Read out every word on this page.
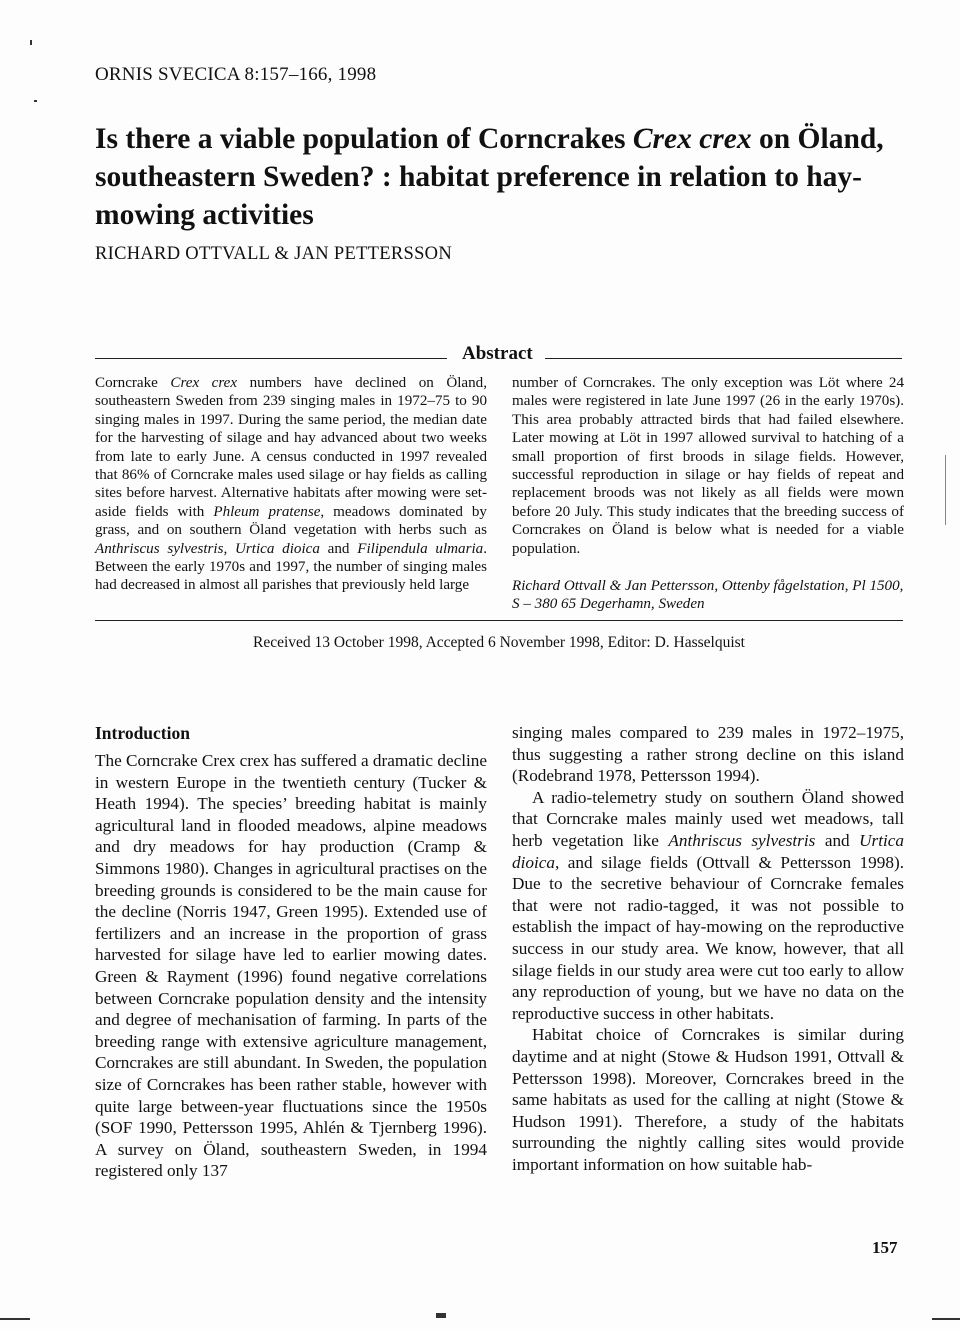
ORNIS SVECICA 8:157–166, 1998
Is there a viable population of Corncrakes Crex crex on Öland, southeastern Sweden? : habitat preference in relation to hay-mowing activities
RICHARD OTTVALL & JAN PETTERSSON
Abstract

Corncrake Crex crex numbers have declined on Öland, southeastern Sweden from 239 singing males in 1972–75 to 90 singing males in 1997. During the same period, the median date for the harvesting of silage and hay advanced about two weeks from late to early June. A census conducted in 1997 revealed that 86% of Corncrake males used silage or hay fields as calling sites before harvest. Alternative habitats after mowing were set-aside fields with Phleum pratense, meadows dominated by grass, and on southern Öland vegetation with herbs such as Anthriscus sylvestris, Urtica dioica and Filipendula ulmaria. Between the early 1970s and 1997, the number of singing males had decreased in almost all parishes that previously held large

number of Corncrakes. The only exception was Löt where 24 males were registered in late June 1997 (26 in the early 1970s). This area probably attracted birds that had failed elsewhere. Later mowing at Löt in 1997 allowed survival to hatching of a small proportion of first broods in silage fields. However, successful reproduction in silage or hay fields of repeat and replacement broods was not likely as all fields were mown before 20 July. This study indicates that the breeding success of Corncrakes on Öland is below what is needed for a viable population.

Richard Ottvall & Jan Pettersson, Ottenby fågelstation, Pl 1500, S – 380 65 Degerhamn, Sweden

Received 13 October 1998, Accepted 6 November 1998, Editor: D. Hasselquist
Introduction

The Corncrake Crex crex has suffered a dramatic decline in western Europe in the twentieth century (Tucker & Heath 1994). The species’ breeding habitat is mainly agricultural land in flooded meadows, alpine meadows and dry meadows for hay production (Cramp & Simmons 1980). Changes in agricultural practises on the breeding grounds is considered to be the main cause for the decline (Norris 1947, Green 1995). Extended use of fertilizers and an increase in the proportion of grass harvested for silage have led to earlier mowing dates. Green & Rayment (1996) found negative correlations between Corncrake population density and the intensity and degree of mechanisation of farming. In parts of the breeding range with extensive agriculture management, Corncrakes are still abundant. In Sweden, the population size of Corncrakes has been rather stable, however with quite large between-year fluctuations since the 1950s (SOF 1990, Pettersson 1995, Ahlén & Tjernberg 1996). A survey on Öland, southeastern Sweden, in 1994 registered only 137

singing males compared to 239 males in 1972–1975, thus suggesting a rather strong decline on this island (Rodebrand 1978, Pettersson 1994).

A radio-telemetry study on southern Öland showed that Corncrake males mainly used wet meadows, tall herb vegetation like Anthriscus sylvestris and Urtica dioica, and silage fields (Ottvall & Pettersson 1998). Due to the secretive behaviour of Corncrake females that were not radio-tagged, it was not possible to establish the impact of hay-mowing on the reproductive success in our study area. We know, however, that all silage fields in our study area were cut too early to allow any reproduction of young, but we have no data on the reproductive success in other habitats.

Habitat choice of Corncrakes is similar during daytime and at night (Stowe & Hudson 1991, Ottvall & Pettersson 1998). Moreover, Corncrakes breed in the same habitats as used for the calling at night (Stowe & Hudson 1991). Therefore, a study of the habitats surrounding the nightly calling sites would provide important information on how suitable hab-

157
